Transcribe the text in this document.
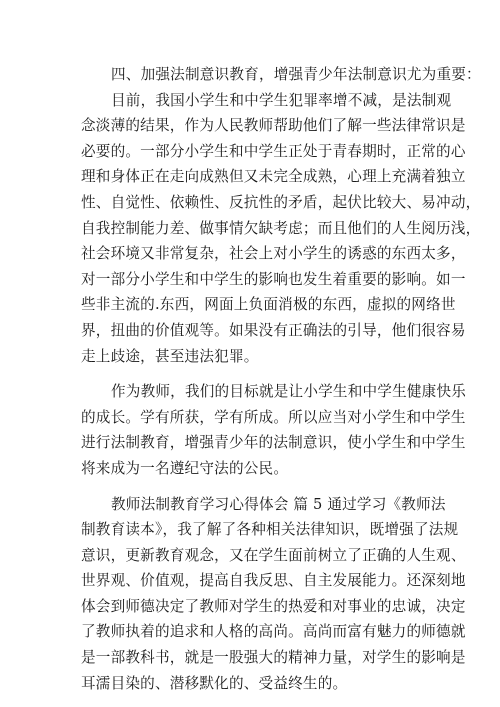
四、加强法制意识教育，增强青少年法制意识尤为重要：
目前，我国小学生和中学生犯罪率增不减，是法制观
念淡薄的结果，作为人民教师帮助他们了解一些法律常识是
必要的。一部分小学生和中学生正处于青春期时，正常的心
理和身体正在走向成熟但又未完全成熟，心理上充满着独立
性、自觉性、依赖性、反抗性的矛盾，起伏比较大、易冲动，
自我控制能力差、做事情欠缺考虑；而且他们的人生阅历浅，
社会环境又非常复杂，社会上对小学生的诱惑的东西太多，
对一部分小学生和中学生的影响也发生着重要的影响。如一
些非主流的.东西，网面上负面消极的东西，虚拟的网络世
界，扭曲的价值观等。如果没有正确法的引导，他们很容易
走上歧途，甚至违法犯罪。
作为教师，我们的目标就是让小学生和中学生健康快乐
的成长。学有所获，学有所成。所以应当对小学生和中学生
进行法制教育，增强青少年的法制意识，使小学生和中学生
将来成为一名遵纪守法的公民。
教师法制教育学习心得体会 篇 5 通过学习《教师法
制教育读本》，我了解了各种相关法律知识，既增强了法规
意识，更新教育观念，又在学生面前树立了正确的人生观、
世界观、价值观，提高自我反思、自主发展能力。还深刻地
体会到师德决定了教师对学生的热爱和对事业的忠诚，决定
了教师执着的追求和人格的高尚。高尚而富有魅力的师德就
是一部教科书，就是一股强大的精神力量，对学生的影响是
耳濡目染的、潜移默化的、受益终生的。
